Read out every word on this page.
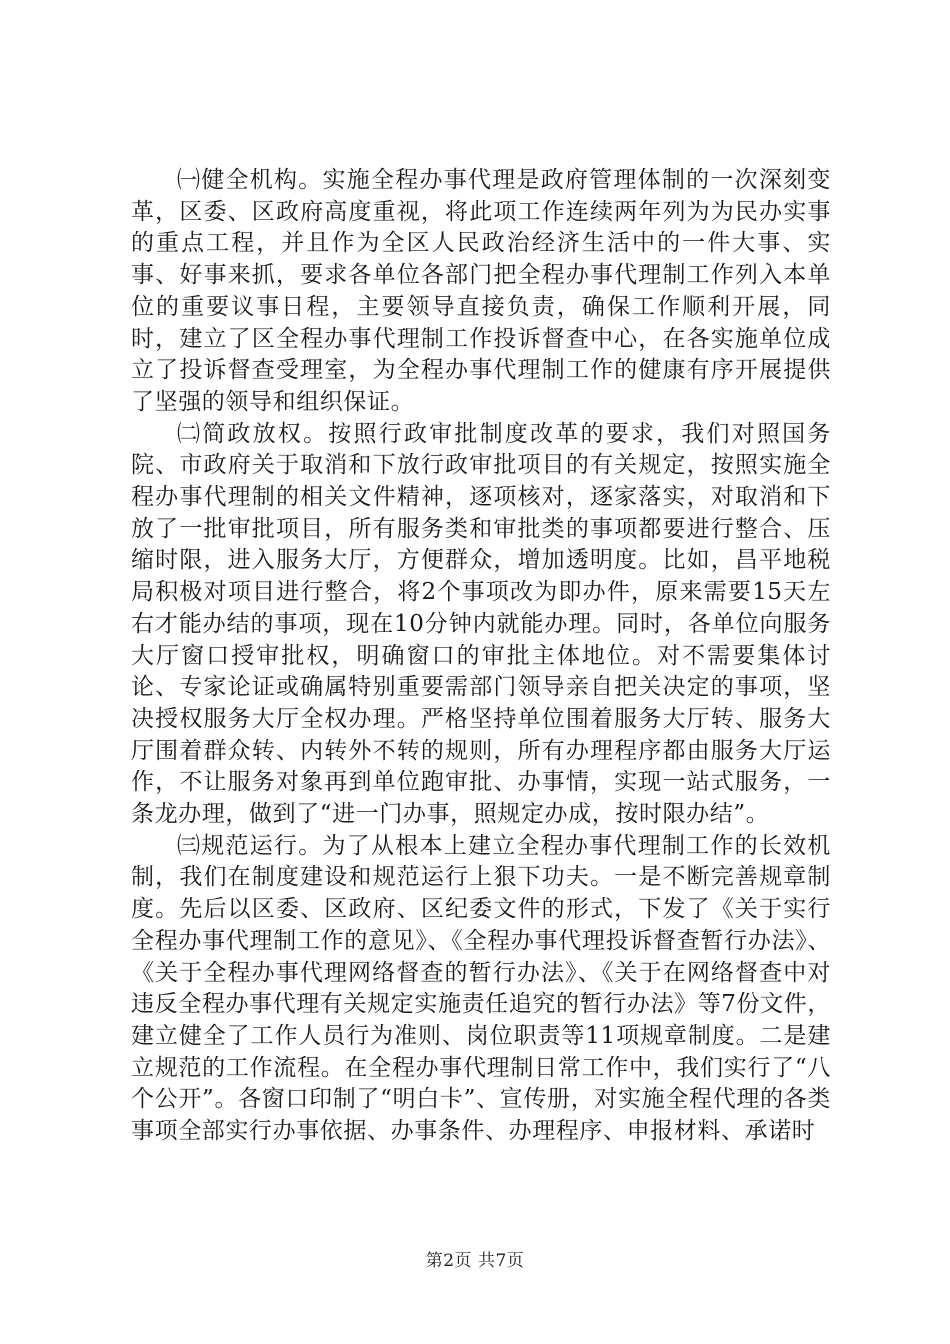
㈠健全机构。实施全程办事代理是政府管理体制的一次深刻变革，区委、区政府高度重视，将此项工作连续两年列为为民办实事的重点工程，并且作为全区人民政治经济生活中的一件大事、实事、好事来抓，要求各单位各部门把全程办事代理制工作列入本单位的重要议事日程，主要领导直接负责，确保工作顺利开展，同时，建立了区全程办事代理制工作投诉督查中心，在各实施单位成立了投诉督查受理室，为全程办事代理制工作的健康有序开展提供了坚强的领导和组织保证。

㈡简政放权。按照行政审批制度改革的要求，我们对照国务院、市政府关于取消和下放行政审批项目的有关规定，按照实施全程办事代理制的相关文件精神，逐项核对，逐家落实，对取消和下放了一批审批项目，所有服务类和审批类的事项都要进行整合、压缩时限，进入服务大厅，方便群众，增加透明度。比如，昌平地税局积极对项目进行整合，将2个事项改为即办件，原来需要15天左右才能办结的事项，现在10分钟内就能办理。同时，各单位向服务大厅窗口授审批权，明确窗口的审批主体地位。对不需要集体讨论、专家论证或确属特别重要需部门领导亲自把关决定的事项，坚决授权服务大厅全权办理。严格坚持单位围着服务大厅转、服务大厅围着群众转、内转外不转的规则，所有办理程序都由服务大厅运作，不让服务对象再到单位跑审批、办事情，实现一站式服务，一条龙办理，做到了“进一门办事，照规定办成，按时限办结”。

㈢规范运行。为了从根本上建立全程办事代理制工作的长效机制，我们在制度建设和规范运行上狠下功夫。一是不断完善规章制度。先后以区委、区政府、区纪委文件的形式，下发了《关于实行全程办事代理制工作的意见》、《全程办事代理投诉督查暂行办法》、《关于全程办事代理网络督查的暂行办法》、《关于在网络督查中对违反全程办事代理有关规定实施责任追究的暂行办法》等7份文件，建立健全了工作人员行为准则、岗位职责等11项规章制度。二是建立规范的工作流程。在全程办事代理制日常工作中，我们实行了“八个公开”。各窗口印制了“明白卡”、宣传册，对实施全程代理的各类事项全部实行办事依据、办事条件、办理程序、申报材料、承诺时

第2页 共7页
